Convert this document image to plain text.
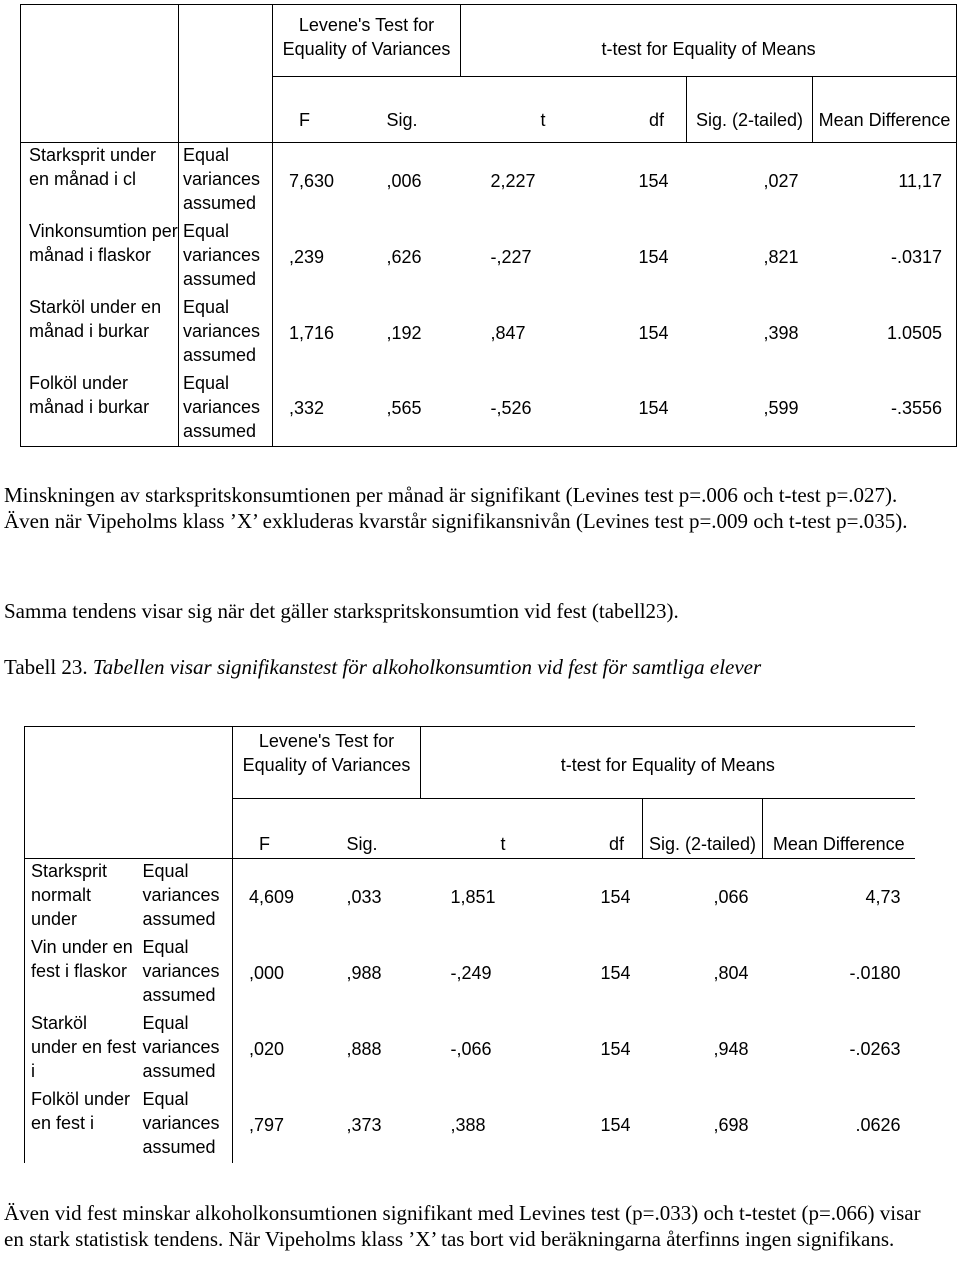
		Levene's Test for Equality of Variances		t-test for Equality of Means			
		F	Sig.	t	df	Sig. (2-tailed)	Mean Difference
Starksprit under en månad i cl	Equal variances assumed	7,630	,006	2,227	154	,027	11,17
Vinkonsumtion per månad i flaskor	Equal variances assumed	,239	,626	-,227	154	,821	-.0317
Starköl under en månad i burkar	Equal variances assumed	1,716	,192	,847	154	,398	1.0505
Folköl under månad i burkar	Equal variances assumed	,332	,565	-,526	154	,599	-.3556

Minskningen av starkspritskonsumtionen per månad är signifikant (Levines test p=.006 och t-test p=.027). Även när Vipeholms klass ’X’ exkluderas kvarstår signifikansnivån (Levines test p=.009 och t-test p=.035).

Samma tendens visar sig när det gäller starkspritskonsumtion vid fest (tabell23).

Tabell 23. Tabellen visar signifikanstest för alkoholkonsumtion vid fest för samtliga elever

		Levene's Test for Equality of Variances		t-test for Equality of Means			
		F	Sig.	t	df	Sig. (2-tailed)	Mean Difference
Starksprit normalt under	Equal variances assumed	4,609	,033	1,851	154	,066	4,73
Vin under en fest i flaskor	Equal variances assumed	,000	,988	-,249	154	,804	-.0180
Starköl under en fest i	Equal variances assumed	,020	,888	-,066	154	,948	-.0263
Folköl under en fest i	Equal variances assumed	,797	,373	,388	154	,698	.0626

Även vid fest minskar alkoholkonsumtionen signifikant med Levines test (p=.033) och t-testet (p=.066) visar en stark statistisk tendens. När Vipeholms klass ’X’ tas bort vid beräkningarna återfinns ingen signifikans.
